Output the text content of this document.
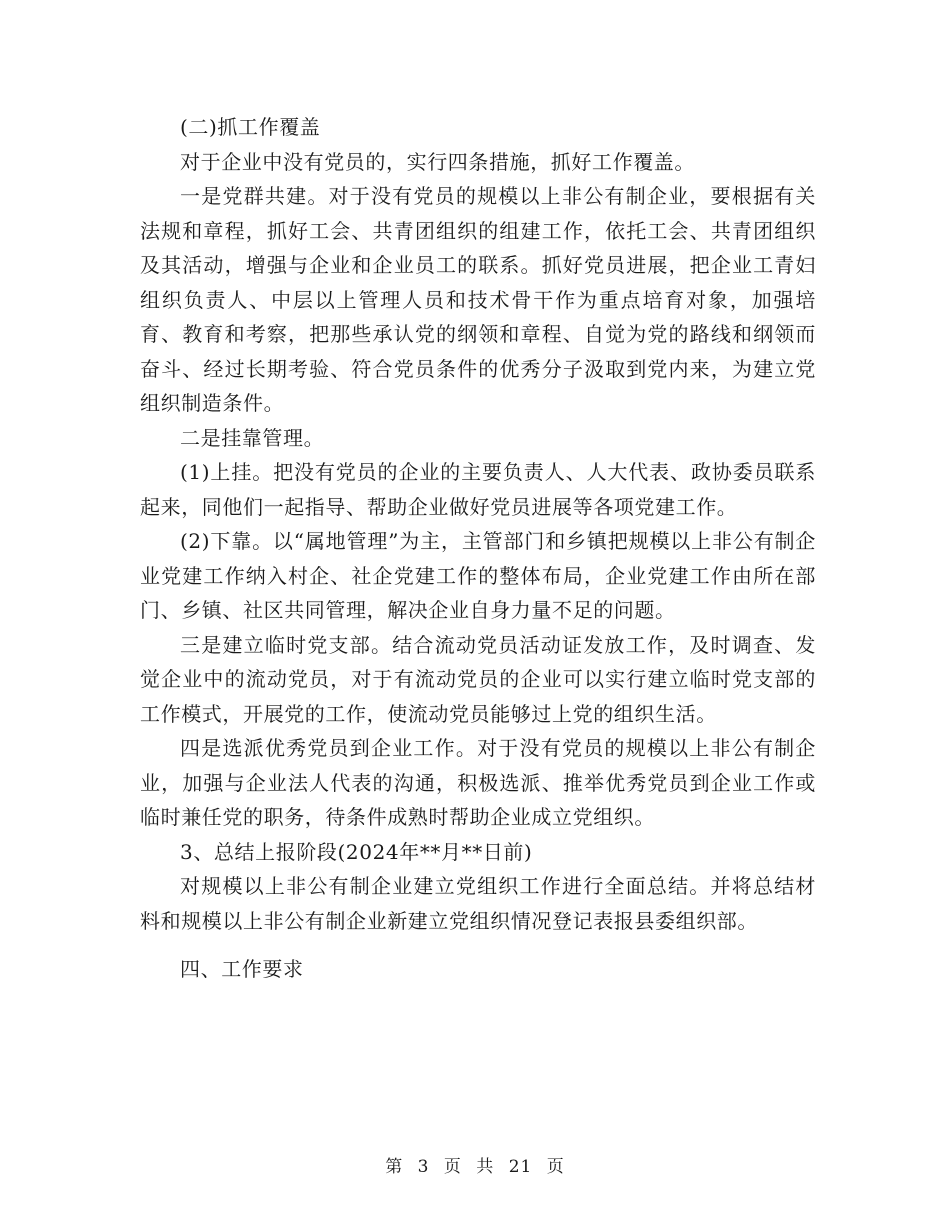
(二)抓工作覆盖

对于企业中没有党员的，实行四条措施，抓好工作覆盖。

一是党群共建。对于没有党员的规模以上非公有制企业，要根据有关法规和章程，抓好工会、共青团组织的组建工作，依托工会、共青团组织及其活动，增强与企业和企业员工的联系。抓好党员进展，把企业工青妇组织负责人、中层以上管理人员和技术骨干作为重点培育对象，加强培育、教育和考察，把那些承认党的纲领和章程、自觉为党的路线和纲领而奋斗、经过长期考验、符合党员条件的优秀分子汲取到党内来，为建立党组织制造条件。

二是挂靠管理。

(1)上挂。把没有党员的企业的主要负责人、人大代表、政协委员联系起来，同他们一起指导、帮助企业做好党员进展等各项党建工作。

(2)下靠。以“属地管理”为主，主管部门和乡镇把规模以上非公有制企业党建工作纳入村企、社企党建工作的整体布局，企业党建工作由所在部门、乡镇、社区共同管理，解决企业自身力量不足的问题。

三是建立临时党支部。结合流动党员活动证发放工作，及时调查、发觉企业中的流动党员，对于有流动党员的企业可以实行建立临时党支部的工作模式，开展党的工作，使流动党员能够过上党的组织生活。

四是选派优秀党员到企业工作。对于没有党员的规模以上非公有制企业，加强与企业法人代表的沟通，积极选派、推举优秀党员到企业工作或临时兼任党的职务，待条件成熟时帮助企业成立党组织。

3、总结上报阶段(2024年**月**日前)

对规模以上非公有制企业建立党组织工作进行全面总结。并将总结材料和规模以上非公有制企业新建立党组织情况登记表报县委组织部。

四、工作要求

第 3 页 共 21 页
